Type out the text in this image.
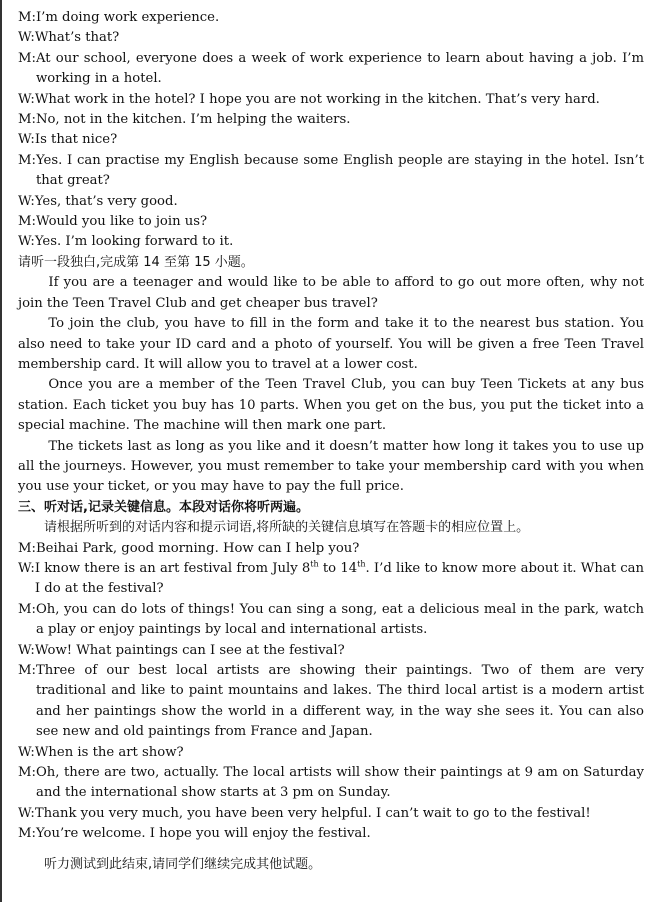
M: I’m doing work experience.
W: What’s that?
M: At our school, everyone does a week of work experience to learn about having a job. I’m working in a hotel.
W: What work in the hotel? I hope you are not working in the kitchen. That’s very hard.
M: No, not in the kitchen. I’m helping the waiters.
W: Is that nice?
M: Yes. I can practise my English because some English people are staying in the hotel. Isn’t that great?
W: Yes, that’s very good.
M: Would you like to join us?
W: Yes. I’m looking forward to it.
请听一段独白,完成第 14 至第 15 小题。
If you are a teenager and would like to be able to afford to go out more often, why not join the Teen Travel Club and get cheaper bus travel?
To join the club, you have to fill in the form and take it to the nearest bus station. You also need to take your ID card and a photo of yourself. You will be given a free Teen Travel membership card. It will allow you to travel at a lower cost.
Once you are a member of the Teen Travel Club, you can buy Teen Tickets at any bus station. Each ticket you buy has 10 parts. When you get on the bus, you put the ticket into a special machine. The machine will then mark one part.
The tickets last as long as you like and it doesn’t matter how long it takes you to use up all the journeys. However, you must remember to take your membership card with you when you use your ticket, or you may have to pay the full price.
三、听对话,记录关键信息。本段对话你将听两遍。
请根据所听到的对话内容和提示词语,将所缺的关键信息填写在答题卡的相应位置上。
M: Beihai Park, good morning. How can I help you?
W: I know there is an art festival from July 8th to 14th. I’d like to know more about it. What can I do at the festival?
M: Oh, you can do lots of things! You can sing a song, eat a delicious meal in the park, watch a play or enjoy paintings by local and international artists.
W: Wow! What paintings can I see at the festival?
M: Three of our best local artists are showing their paintings. Two of them are very traditional and like to paint mountains and lakes. The third local artist is a modern artist and her paintings show the world in a different way, in the way she sees it. You can also see new and old paintings from France and Japan.
W: When is the art show?
M: Oh, there are two, actually. The local artists will show their paintings at 9 am on Saturday and the international show starts at 3 pm on Sunday.
W: Thank you very much, you have been very helpful. I can’t wait to go to the festival!
M: You’re welcome. I hope you will enjoy the festival.
听力测试到此结束,请同学们继续完成其他试题。
